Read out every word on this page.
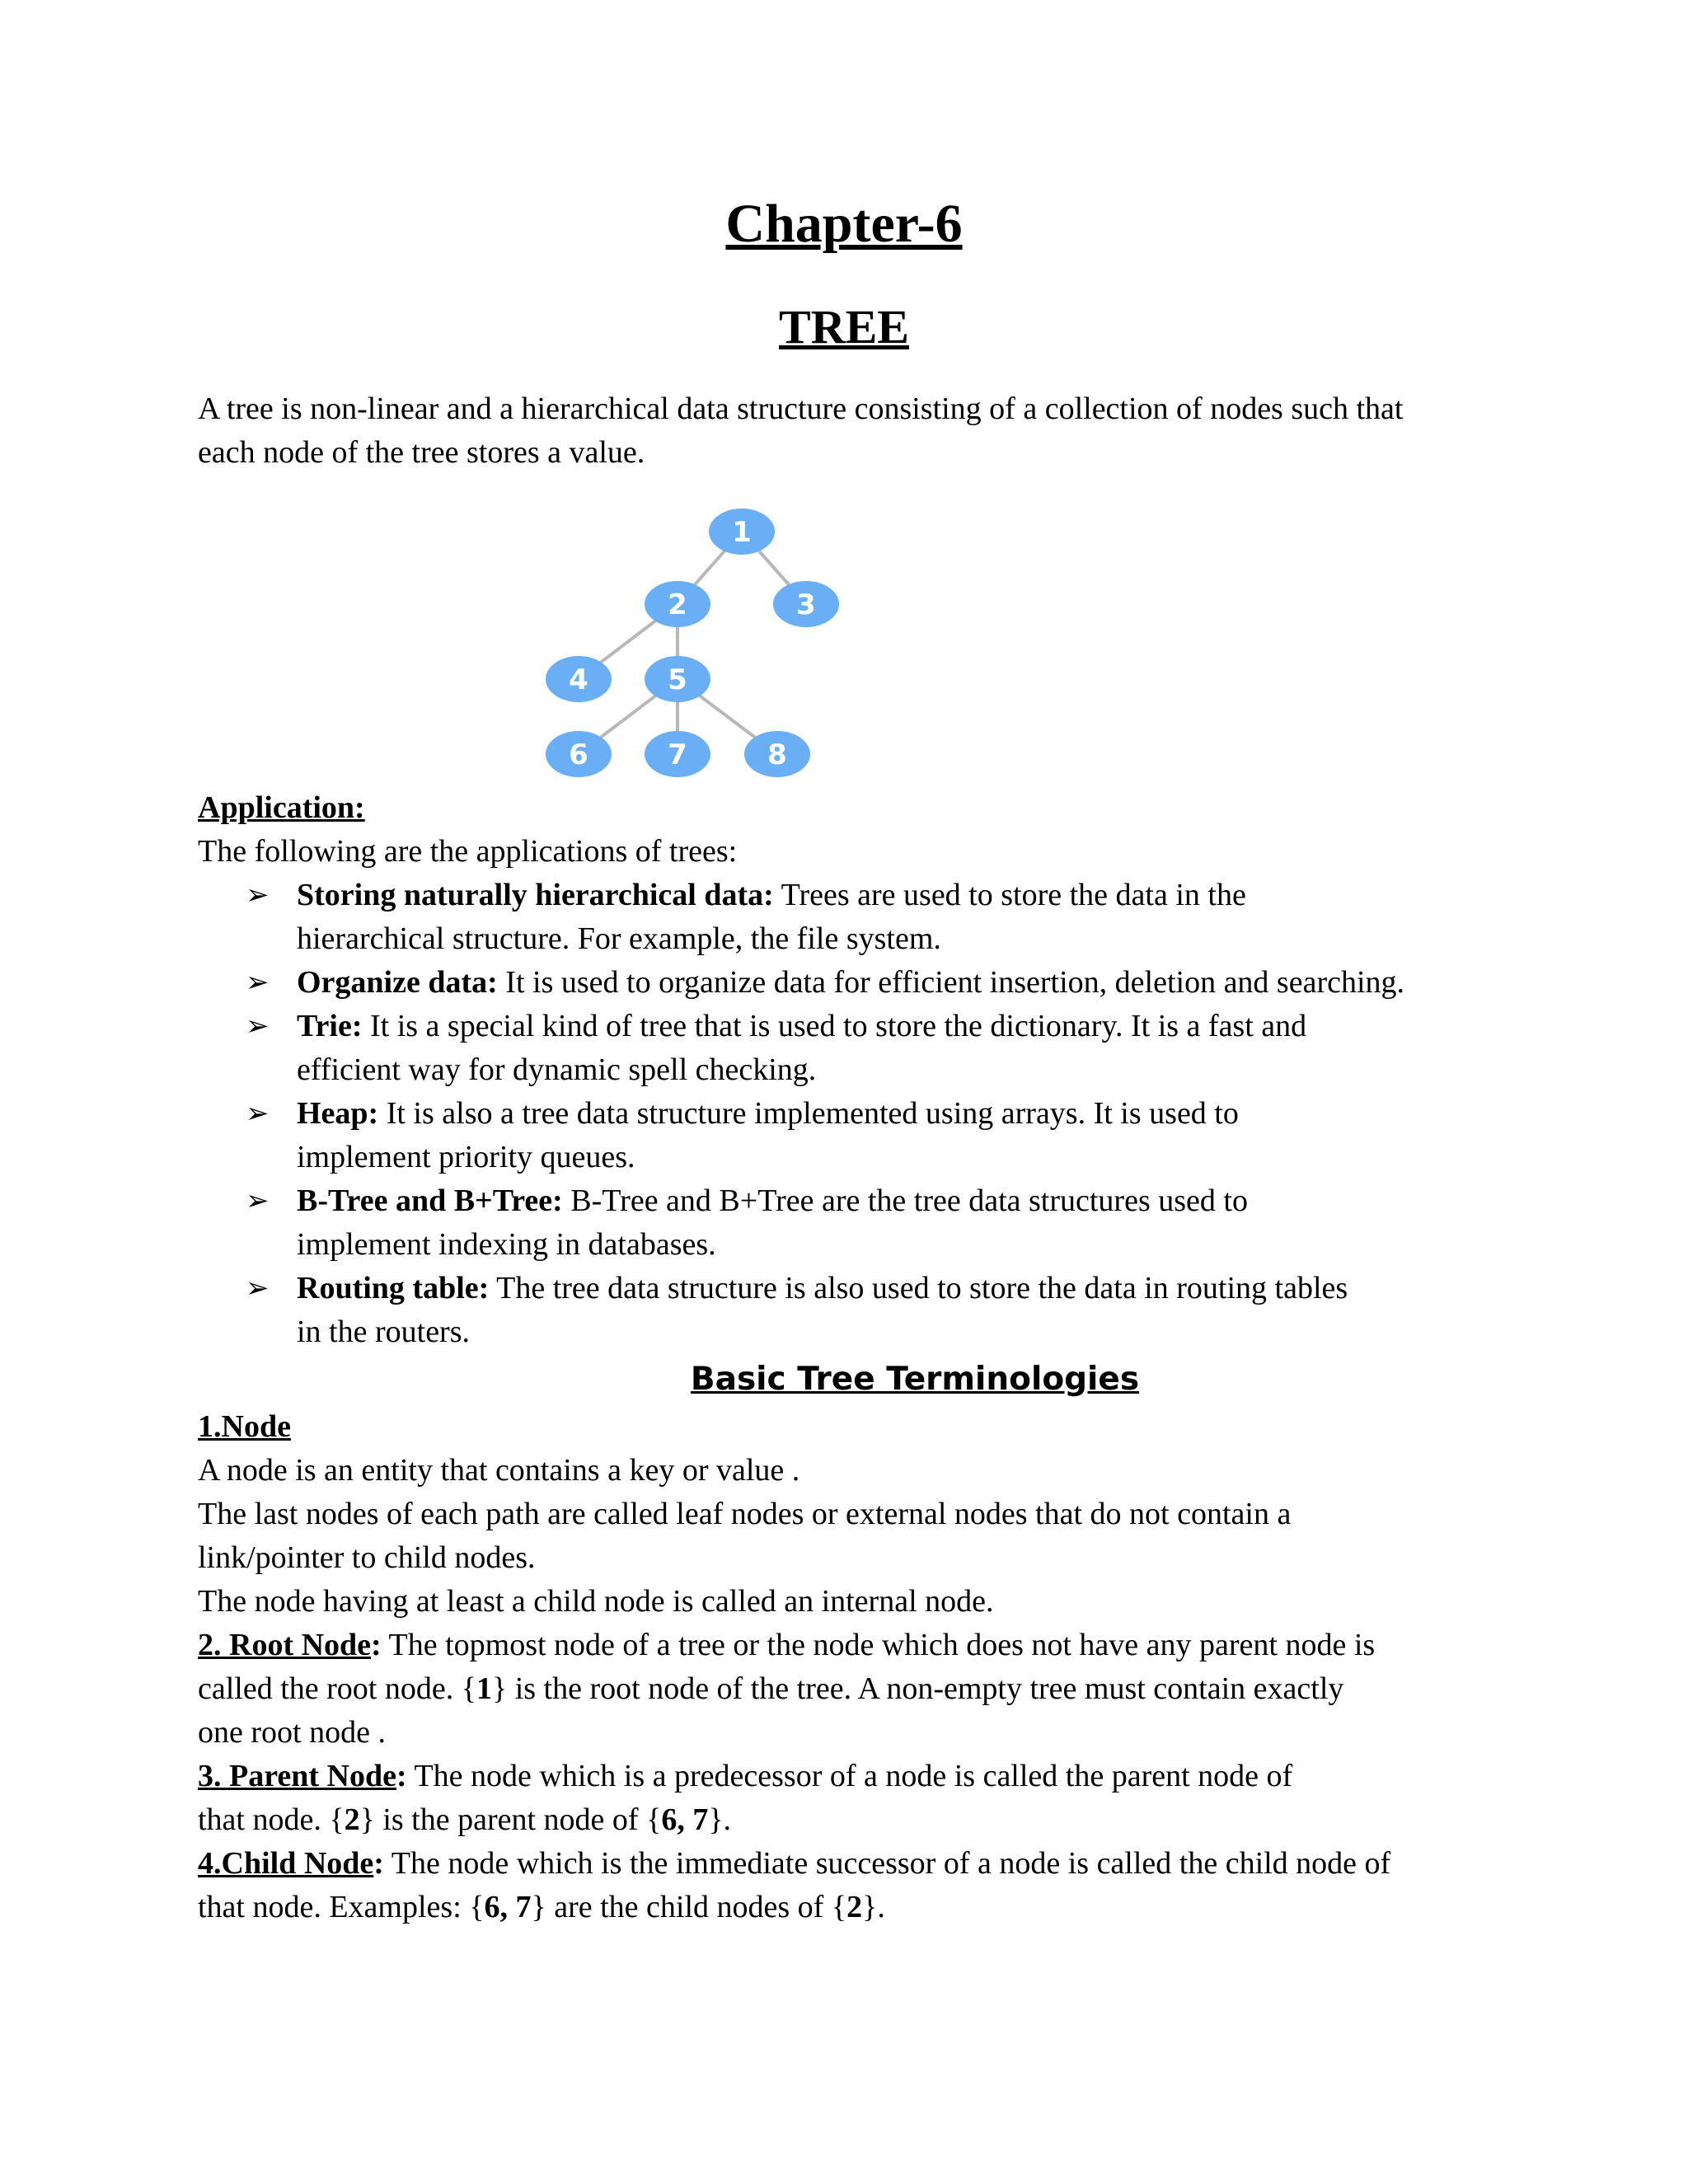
Chapter-6
TREE
A tree is non-linear and a hierarchical data structure consisting of a collection of nodes such that
each node of the tree stores a value.
1
2	3
4	5
6	7	8
Application:
The following are the applications of trees:
➢ Storing naturally hierarchical data: Trees are used to store the data in the
hierarchical structure. For example, the file system.
➢ Organize data: It is used to organize data for efficient insertion, deletion and searching.
➢ Trie: It is a special kind of tree that is used to store the dictionary. It is a fast and
efficient way for dynamic spell checking.
➢ Heap: It is also a tree data structure implemented using arrays. It is used to
implement priority queues.
➢ B-Tree and B+Tree: B-Tree and B+Tree are the tree data structures used to
implement indexing in databases.
➢ Routing table: The tree data structure is also used to store the data in routing tables
in the routers.
Basic Tree Terminologies
1.Node
A node is an entity that contains a key or value .
The last nodes of each path are called leaf nodes or external nodes that do not contain a
link/pointer to child nodes.
The node having at least a child node is called an internal node.
2. Root Node: The topmost node of a tree or the node which does not have any parent node is
called the root node. {1} is the root node of the tree. A non-empty tree must contain exactly
one root node .
3. Parent Node: The node which is a predecessor of a node is called the parent node of
that node. {2} is the parent node of {6, 7}.
4.Child Node: The node which is the immediate successor of a node is called the child node of
that node. Examples: {6, 7} are the child nodes of {2}.
